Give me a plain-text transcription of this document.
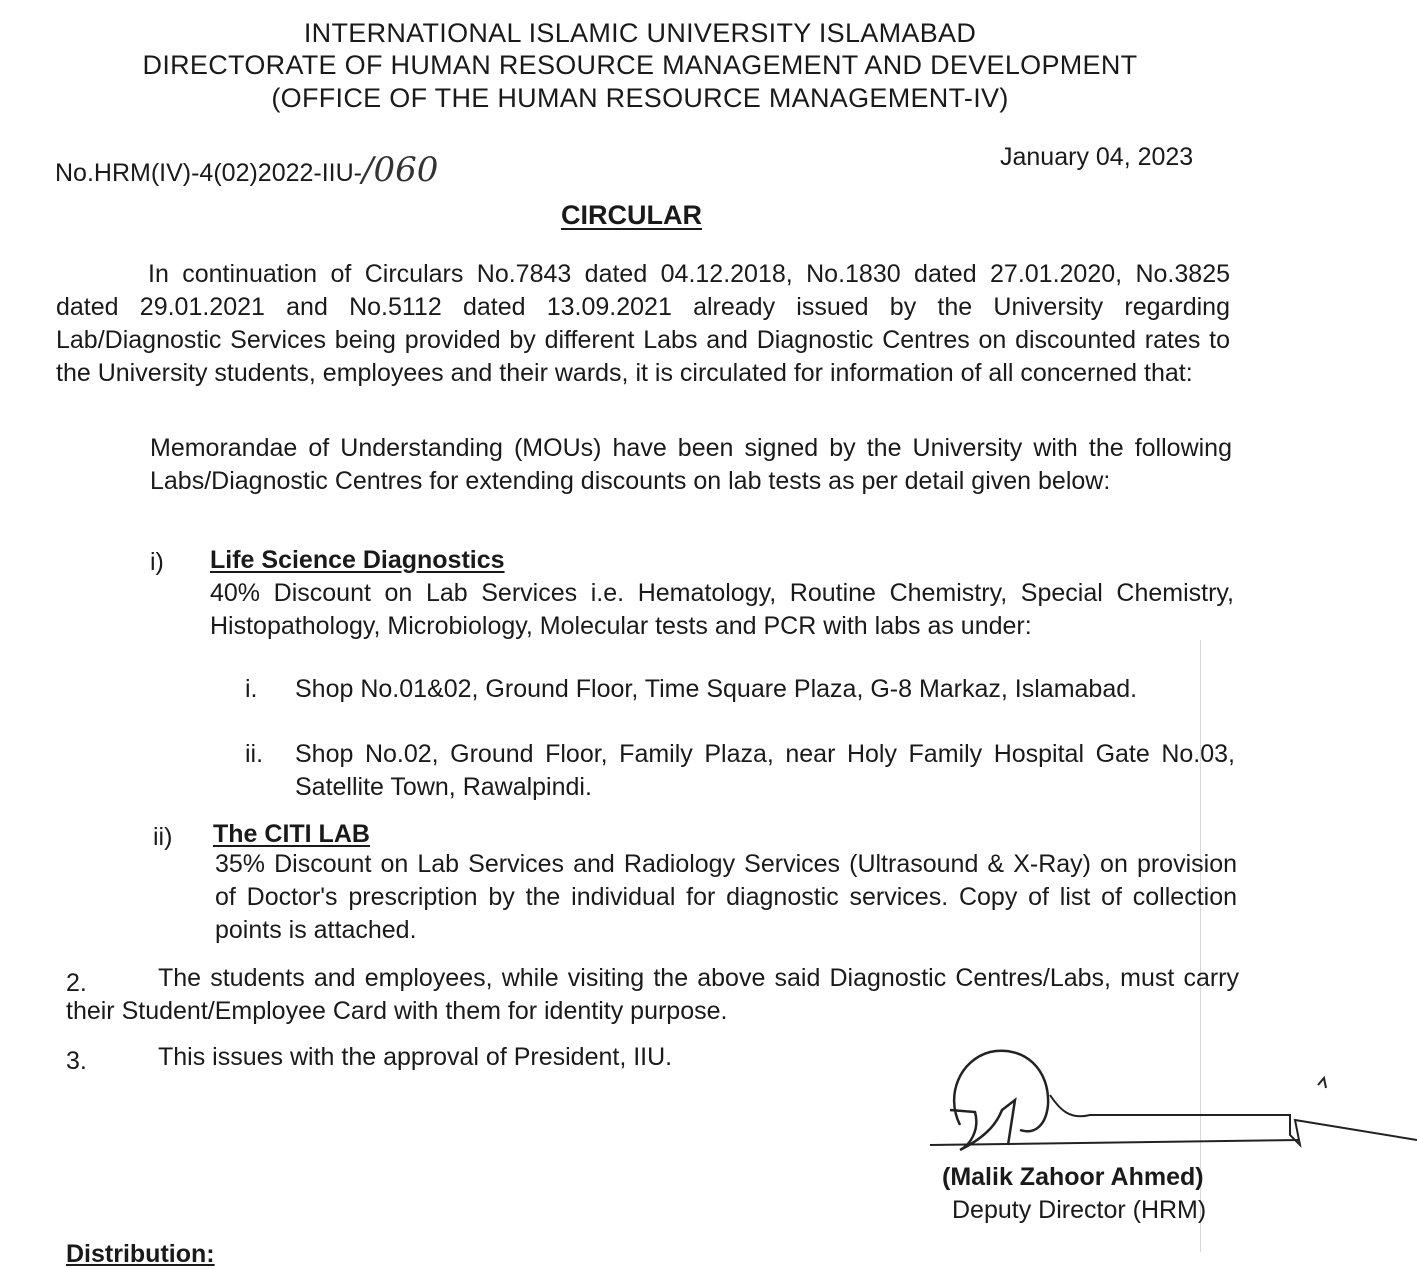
INTERNATIONAL ISLAMIC UNIVERSITY ISLAMABAD
DIRECTORATE OF HUMAN RESOURCE MANAGEMENT AND DEVELOPMENT
(OFFICE OF THE HUMAN RESOURCE MANAGEMENT-IV)
No.HRM(IV)-4(02)2022-IIU-/060	January 04, 2023
CIRCULAR
In continuation of Circulars No.7843 dated 04.12.2018, No.1830 dated 27.01.2020, No.3825 dated 29.01.2021 and No.5112 dated 13.09.2021 already issued by the University regarding Lab/Diagnostic Services being provided by different Labs and Diagnostic Centres on discounted rates to the University students, employees and their wards, it is circulated for information of all concerned that:
Memorandae of Understanding (MOUs) have been signed by the University with the following Labs/Diagnostic Centres for extending discounts on lab tests as per detail given below:
i) Life Science Diagnostics
40% Discount on Lab Services i.e. Hematology, Routine Chemistry, Special Chemistry, Histopathology, Microbiology, Molecular tests and PCR with labs as under:
i. Shop No.01&02, Ground Floor, Time Square Plaza, G-8 Markaz, Islamabad.
ii. Shop No.02, Ground Floor, Family Plaza, near Holy Family Hospital Gate No.03, Satellite Town, Rawalpindi.
ii) The CITI LAB
35% Discount on Lab Services and Radiology Services (Ultrasound & X-Ray) on provision of Doctor's prescription by the individual for diagnostic services. Copy of list of collection points is attached.
2.	The students and employees, while visiting the above said Diagnostic Centres/Labs, must carry their Student/Employee Card with them for identity purpose.
3.	This issues with the approval of President, IIU.
(Malik Zahoor Ahmed)
Deputy Director (HRM)
Distribution:
